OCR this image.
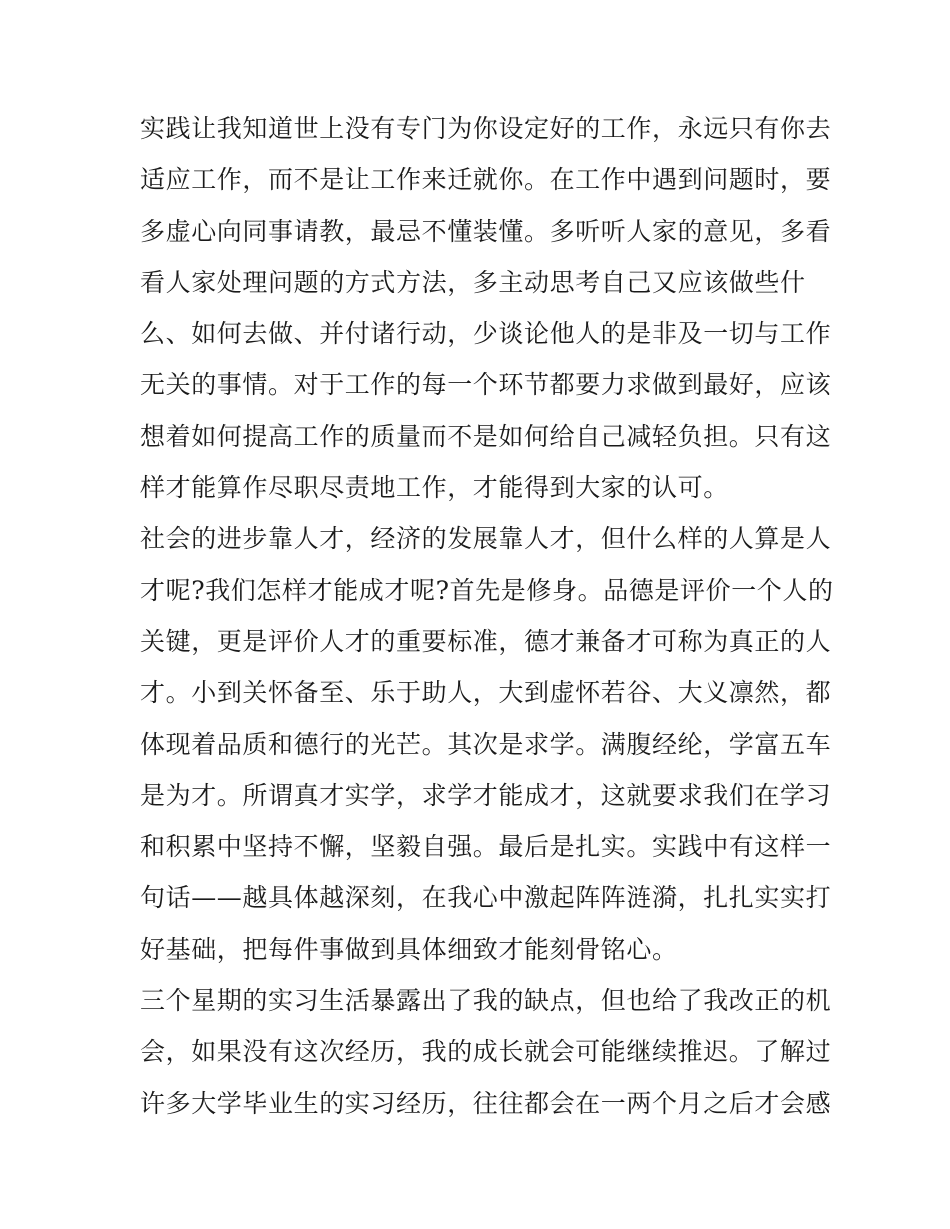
实践让我知道世上没有专门为你设定好的工作，永远只有你去
适应工作，而不是让工作来迁就你。在工作中遇到问题时，要
多虚心向同事请教，最忌不懂装懂。多听听人家的意见，多看
看人家处理问题的方式方法，多主动思考自己又应该做些什
么、如何去做、并付诸行动，少谈论他人的是非及一切与工作
无关的事情。对于工作的每一个环节都要力求做到最好，应该
想着如何提高工作的质量而不是如何给自己减轻负担。只有这
样才能算作尽职尽责地工作，才能得到大家的认可。
社会的进步靠人才，经济的发展靠人才，但什么样的人算是人
才呢?我们怎样才能成才呢?首先是修身。品德是评价一个人的
关键，更是评价人才的重要标准，德才兼备才可称为真正的人
才。小到关怀备至、乐于助人，大到虚怀若谷、大义凛然，都
体现着品质和德行的光芒。其次是求学。满腹经纶，学富五车
是为才。所谓真才实学，求学才能成才，这就要求我们在学习
和积累中坚持不懈，坚毅自强。最后是扎实。实践中有这样一
句话——越具体越深刻，在我心中激起阵阵涟漪，扎扎实实打
好基础，把每件事做到具体细致才能刻骨铭心。
三个星期的实习生活暴露出了我的缺点，但也给了我改正的机
会，如果没有这次经历，我的成长就会可能继续推迟。了解过
许多大学毕业生的实习经历，往往都会在一两个月之后才会感
